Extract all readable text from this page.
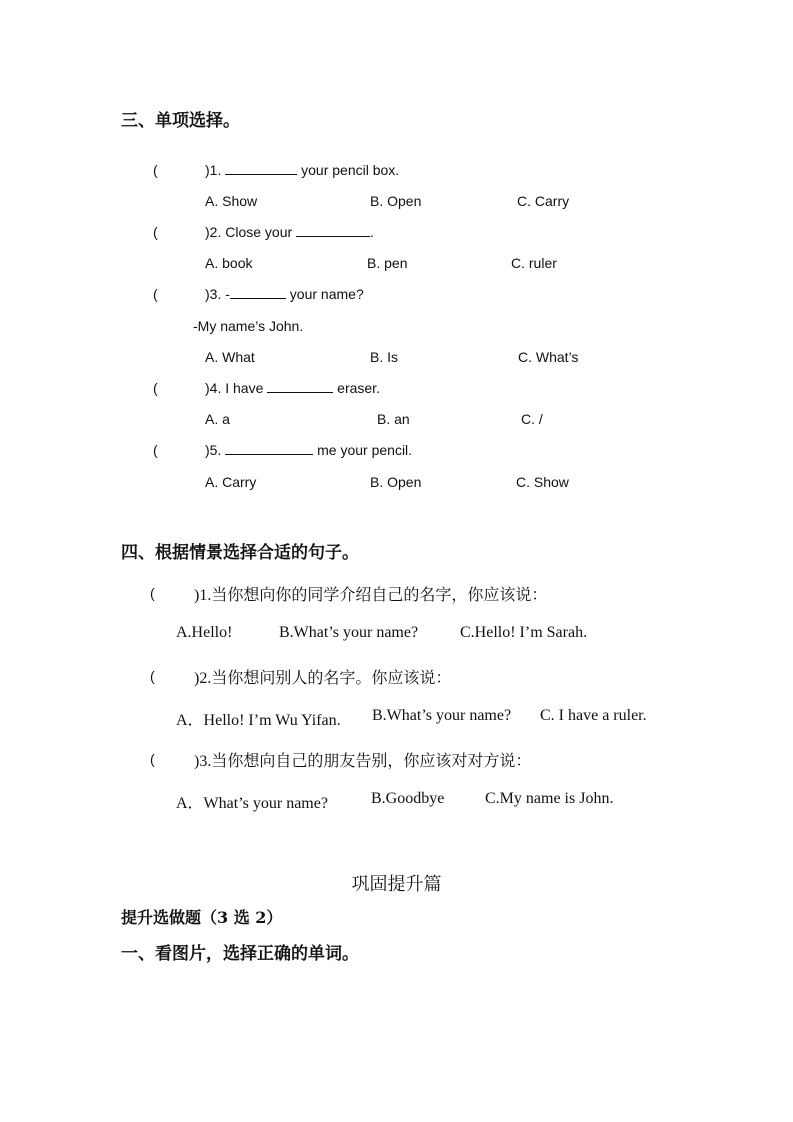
三、单项选择。
(	)1.	your pencil box.
A. Show	B. Open	C. Carry
(	)2. Close your	.
A. book	B. pen	C. ruler
(	)3. -	your name?
-My name’s John.
A. What	B. Is	C. What’s
(	)4. I have	eraser.
A. a	B. an	C. /
(	)5.	me your pencil.
A. Carry	B. Open	C. Show
四、根据情景选择合适的句子。
( )1.当你想向你的同学介绍自己的名字，你应该说：
A.Hello!	B.What’s your name?	C.Hello! I’m Sarah.
( )2.当你想问别人的名字。你应该说：
A．Hello! I’m Wu Yifan. B.What’s your name? C. I have a ruler.
( )3.当你想向自己的朋友告别，你应该对对方说：
A．What’s your name?	B.Goodbye	C.My name is John.
巩固提升篇
提升选做题（3 选 2）
一、看图片，选择正确的单词。
